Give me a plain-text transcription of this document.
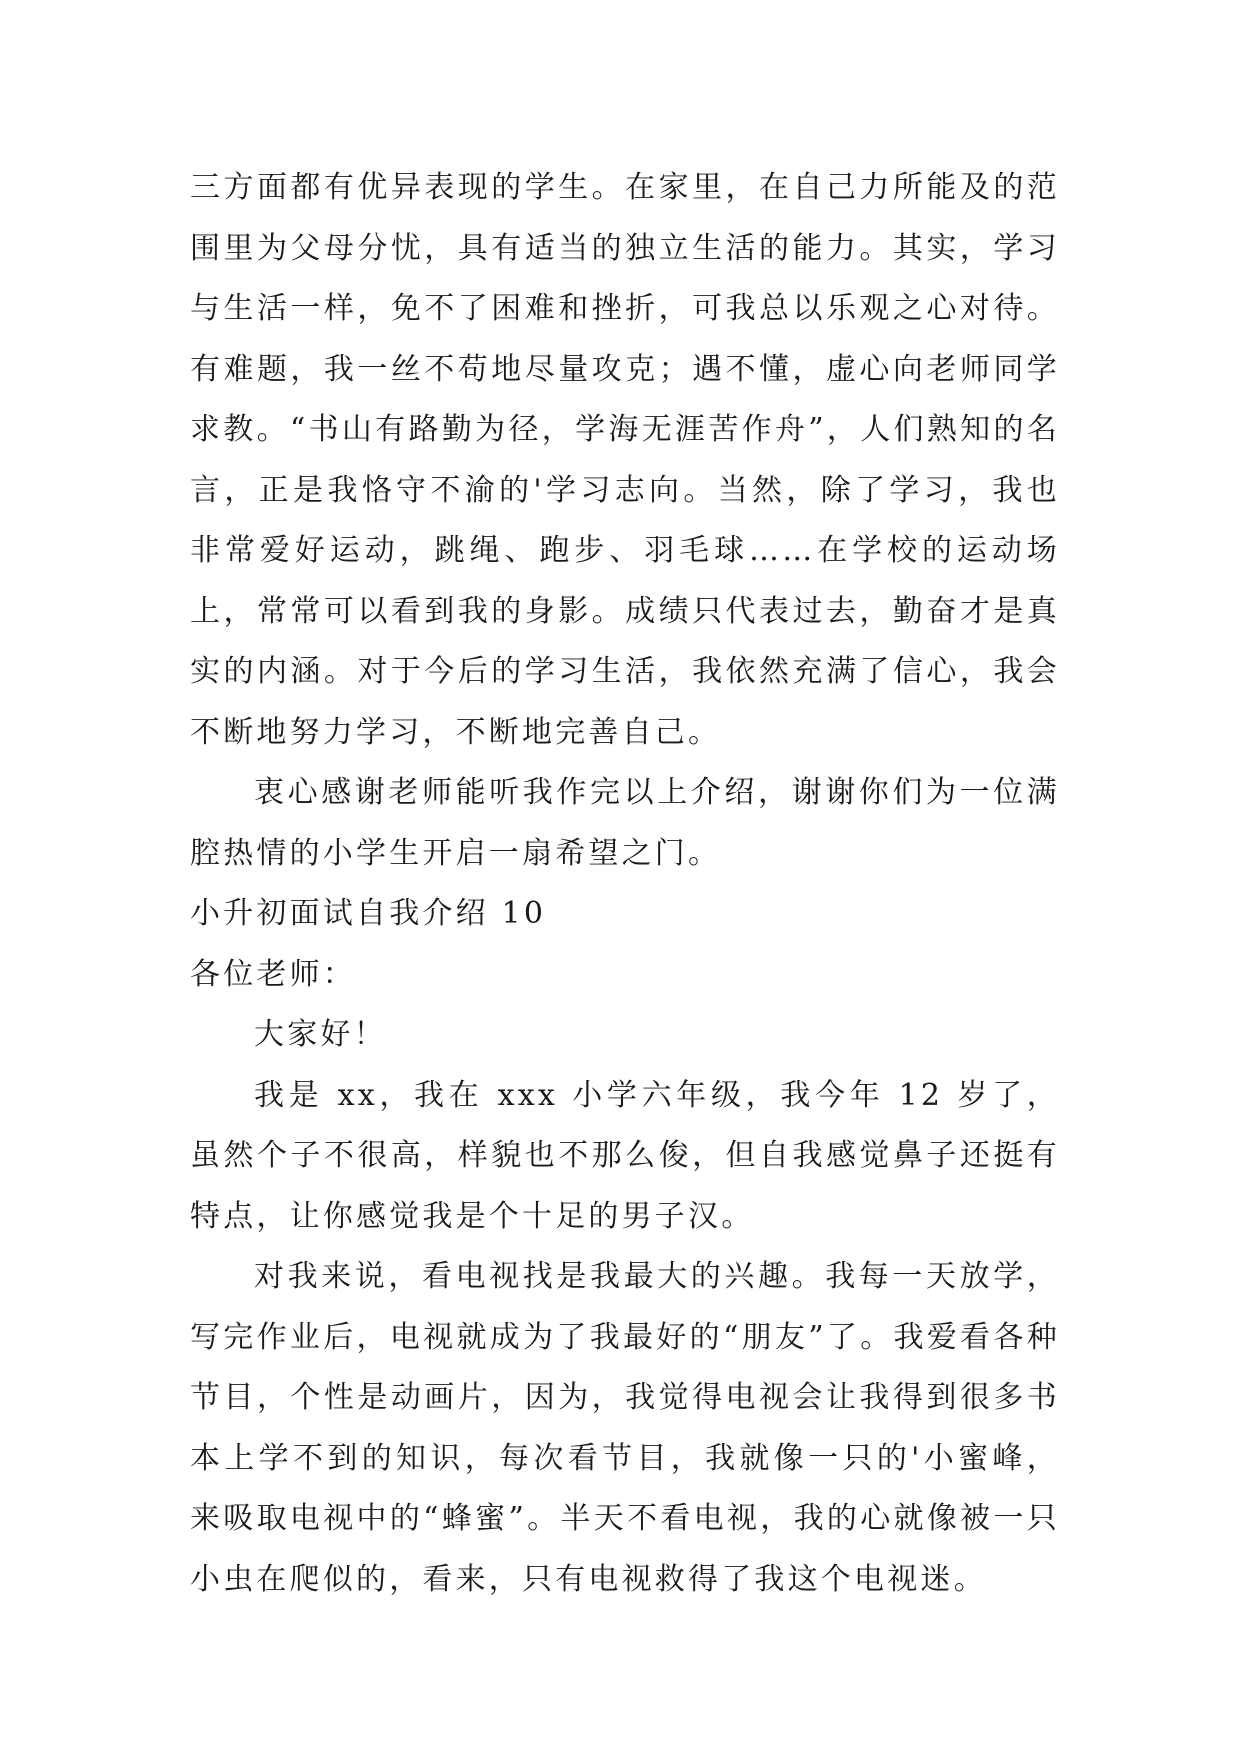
三方面都有优异表现的学生。在家里，在自己力所能及的范围里为父母分忧，具有适当的独立生活的能力。其实，学习与生活一样，免不了困难和挫折，可我总以乐观之心对待。有难题，我一丝不苟地尽量攻克；遇不懂，虚心向老师同学求教。“书山有路勤为径，学海无涯苦作舟”，人们熟知的名言，正是我恪守不渝的'学习志向。当然，除了学习，我也非常爱好运动，跳绳、跑步、羽毛球……在学校的运动场上，常常可以看到我的身影。成绩只代表过去，勤奋才是真实的内涵。对于今后的学习生活，我依然充满了信心，我会不断地努力学习，不断地完善自己。

衷心感谢老师能听我作完以上介绍，谢谢你们为一位满腔热情的小学生开启一扇希望之门。

小升初面试自我介绍 10

各位老师：

大家好！

我是 xx，我在 xxx 小学六年级，我今年 12 岁了，虽然个子不很高，样貌也不那么俊，但自我感觉鼻子还挺有特点，让你感觉我是个十足的男子汉。

对我来说，看电视找是我最大的兴趣。我每一天放学，写完作业后，电视就成为了我最好的“朋友”了。我爱看各种节目，个性是动画片，因为，我觉得电视会让我得到很多书本上学不到的知识，每次看节目，我就像一只的'小蜜峰，来吸取电视中的“蜂蜜”。半天不看电视，我的心就像被一只小虫在爬似的，看来，只有电视救得了我这个电视迷。
